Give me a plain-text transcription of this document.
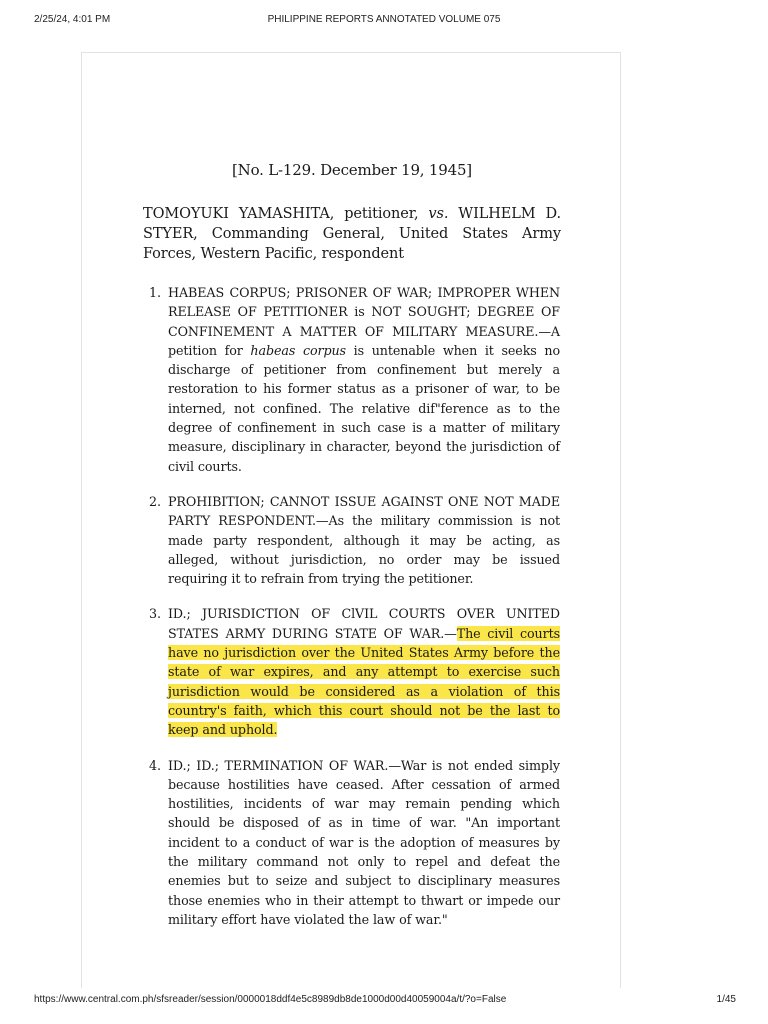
2/25/24, 4:01 PM	PHILIPPINE REPORTS ANNOTATED VOLUME 075
[No. L-129. December 19, 1945]
TOMOYUKI YAMASHITA, petitioner, vs. WILHELM D. STYER, Commanding General, United States Army Forces, Western Pacific, respondent
1. HABEAS CORPUS; PRISONER OF WAR; IMPROPER WHEN RELEASE OF PETITIONER is NOT SOUGHT; DEGREE OF CONFINEMENT A MATTER OF MILITARY MEASURE.—A petition for habeas corpus is untenable when it seeks no discharge of petitioner from confinement but merely a restoration to his former status as a prisoner of war, to be interned, not confined. The relative dif"ference as to the degree of confinement in such case is a matter of military measure, disciplinary in character, beyond the jurisdiction of civil courts.
2. PROHIBITION; CANNOT ISSUE AGAINST ONE NOT MADE PARTY RESPONDENT.—As the military commission is not made party respondent, although it may be acting, as alleged, without jurisdiction, no order may be issued requiring it to refrain from trying the petitioner.
3. ID.; JURISDICTION OF ClVIL COURTS OVER UNITED STATES ARMY DURING STATE OF WAR.—The civil courts have no jurisdiction over the United States Army before the state of war expires, and any attempt to exercise such jurisdiction would be considered as a violation of this country's faith, which this court should not be the last to keep and uphold.
4. ID.; ID.; TERMINATION OF WAR.—War is not ended simply because hostilities have ceased. After cessation of armed hostilities, incidents of war may remain pending which should be disposed of as in time of war. "An important incident to a conduct of war is the adoption of measures by the military command not only to repel and defeat the enemies but to seize and subject to disciplinary measures those enemies who in their attempt to thwart or impede our military effort have violated the law of war."
https://www.central.com.ph/sfsreader/session/0000018ddf4e5c8989db8de1000d00d40059004a/t/?o=False	1/45
